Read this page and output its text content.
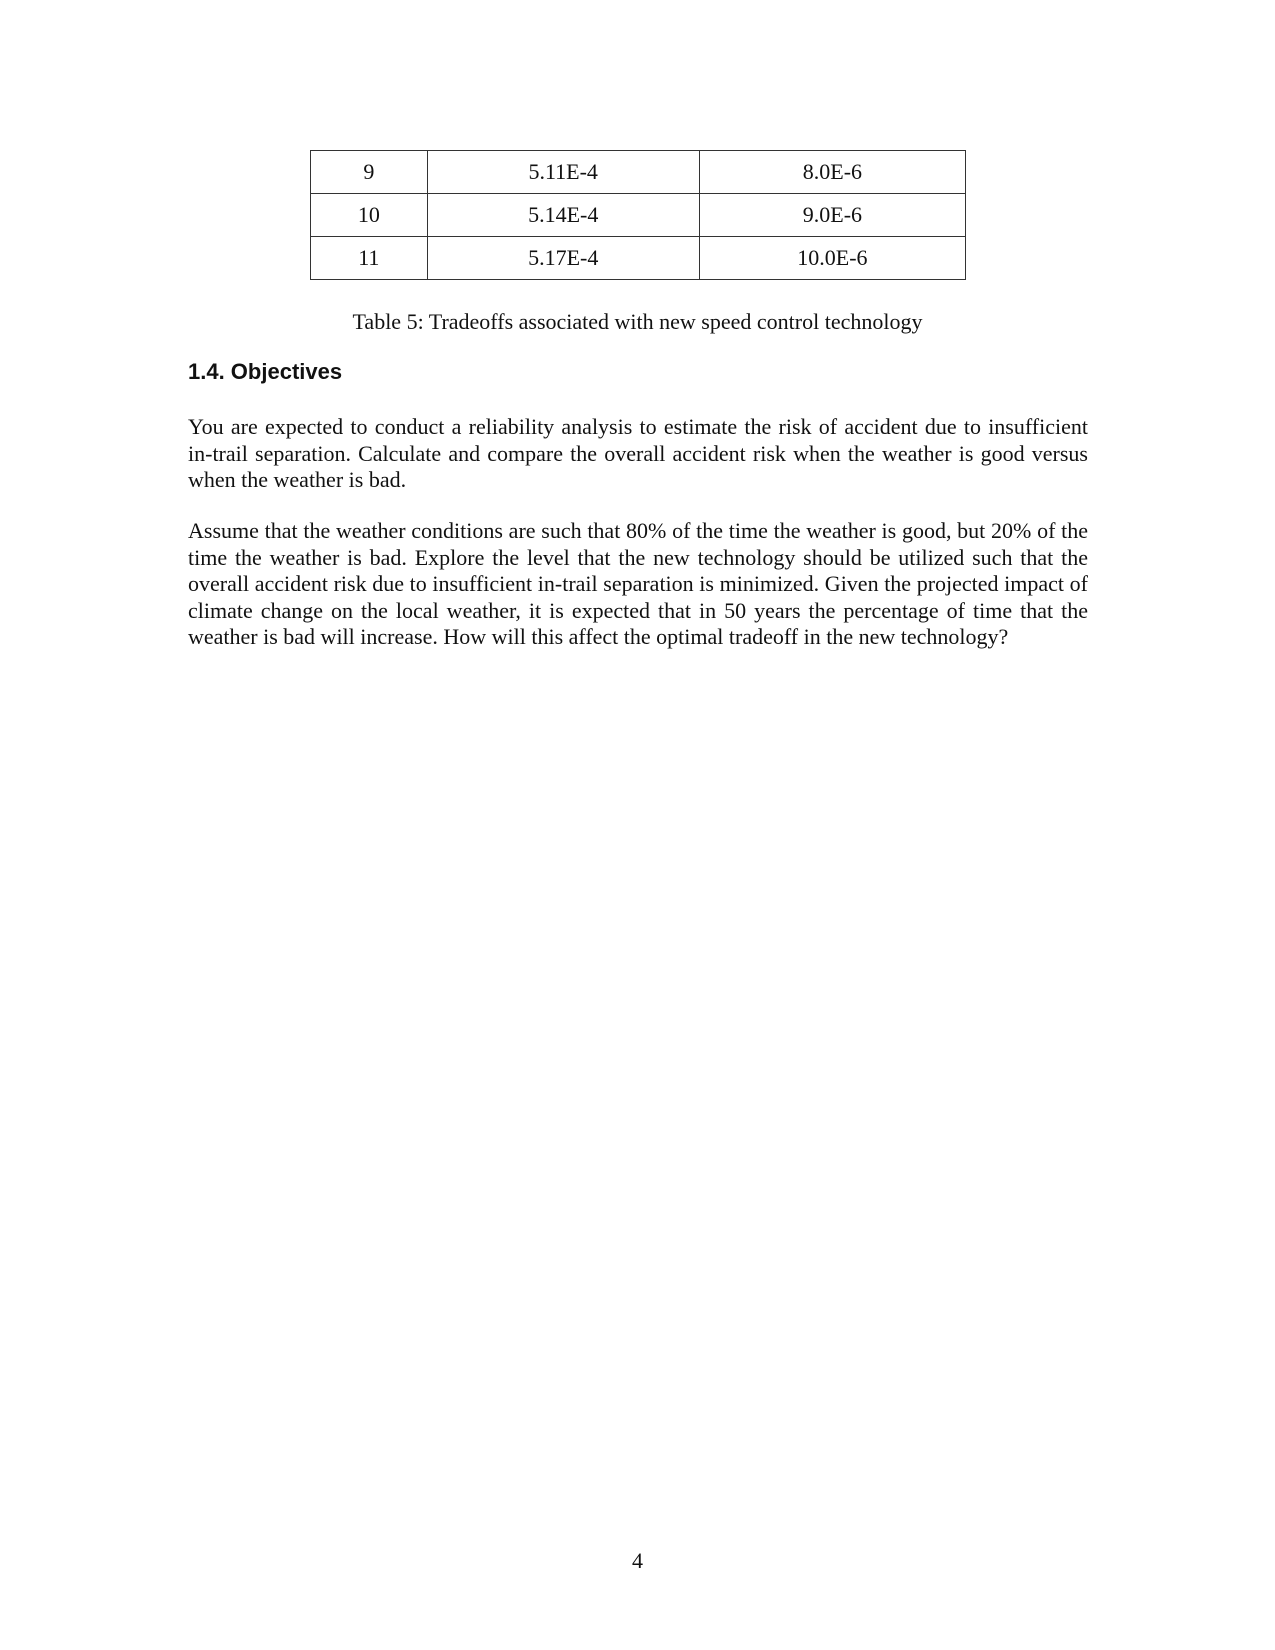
9	5.11E-4	8.0E-6
10	5.14E-4	9.0E-6
11	5.17E-4	10.0E-6
Table 5: Tradeoffs associated with new speed control technology
1.4. Objectives

You are expected to conduct a reliability analysis to estimate the risk of accident due to insufficient in-trail separation. Calculate and compare the overall accident risk when the weather is good versus when the weather is bad.

Assume that the weather conditions are such that 80% of the time the weather is good, but 20% of the time the weather is bad. Explore the level that the new technology should be utilized such that the overall accident risk due to insufficient in-trail separation is minimized. Given the projected impact of climate change on the local weather, it is expected that in 50 years the percentage of time that the weather is bad will increase. How will this affect the optimal tradeoff in the new technology?

4
